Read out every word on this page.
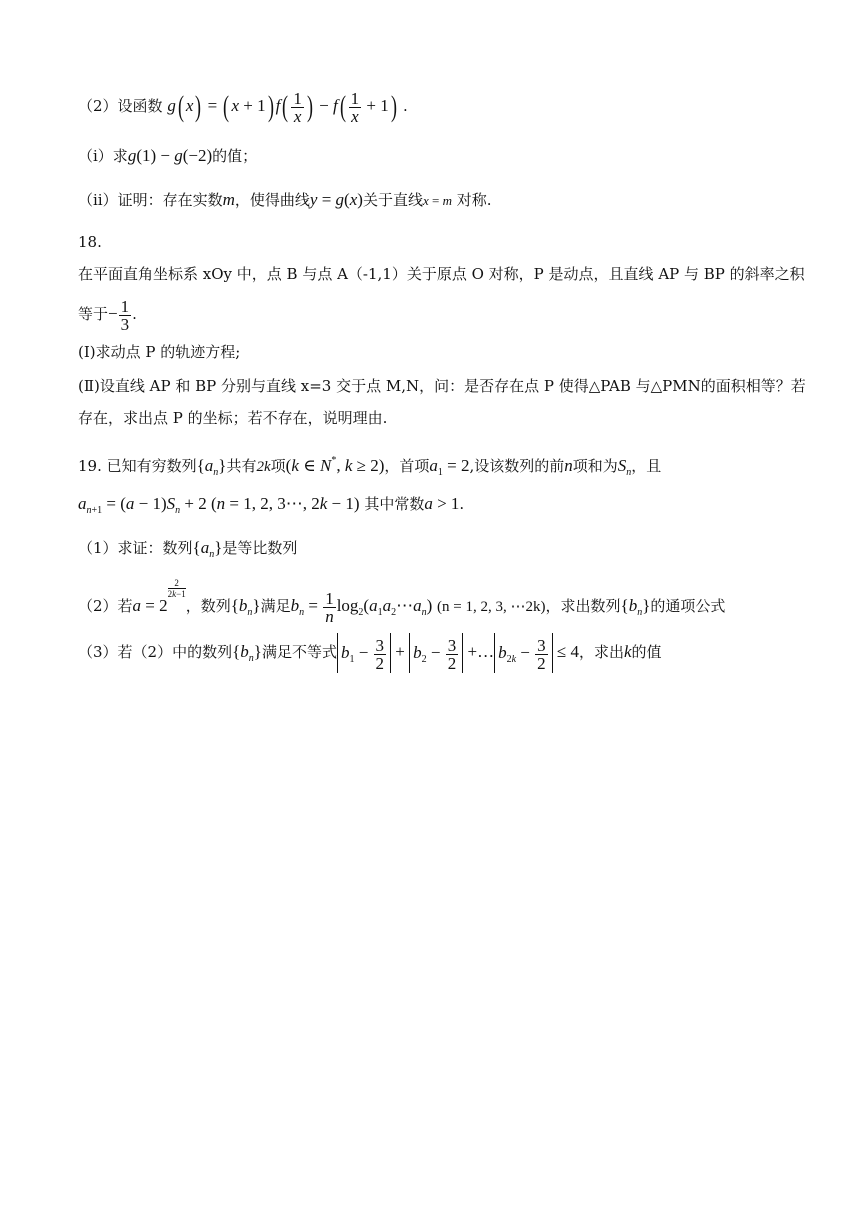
（2）设函数 g( x) = ( x + 1) $f( \frac{1}{x}$ ) − $f( \frac{1}{x} + 1)$ .
（ⅰ）求g(1) − g(−2)的值；
（ⅱ）证明：存在实数m，使得曲线y = g(x)关于直线x = m 对称.
18.
在平面直角坐标系 xOy 中，点 B 与点 A（-1,1）关于原点 O 对称，P 是动点，且直线 AP 与 BP 的斜率之积
等于− $\frac{1}{3}$ .
(Ⅰ)求动点 P 的轨迹方程;
(Ⅱ)设直线 AP 和 BP 分别与直线 x=3 交于点 M,N，问：是否存在点 P 使得△PAB 与△PMN的面积相等？若
存在，求出点 P 的坐标；若不存在，说明理由.
19. 已知有穷数列$\{a_n\}$共有2k项(k ∈ N*, k ≥ 2)，首项$a_1 = 2$,设该数列的前n项和为$S_n$，且
$a_{n+1} = (a - 1)S_n + 2$ (n = 1, 2, 3⋯, 2k − 1) 其中常数a > 1.
（1）求证：数列$\{a_n\}$是等比数列
（2）若a = 2
$\frac{2}{2k-1}$
，数列$\{b_n\}$满足$b_n = \frac{1}{n}$ $\log_2(a_1a_2\cdots a_n) (n = 1$, 2, 3, ⋯2k)，求出数列$\{b_n\}$的通项公式
（3）若（2）中的数列$\{b_n\}$满足不等式 $b_1 - \frac{3}{2} + b_2 - \frac{3}{2}$ +… $b_{2k} - \frac{3}{2} \le 4$，求出k的值
